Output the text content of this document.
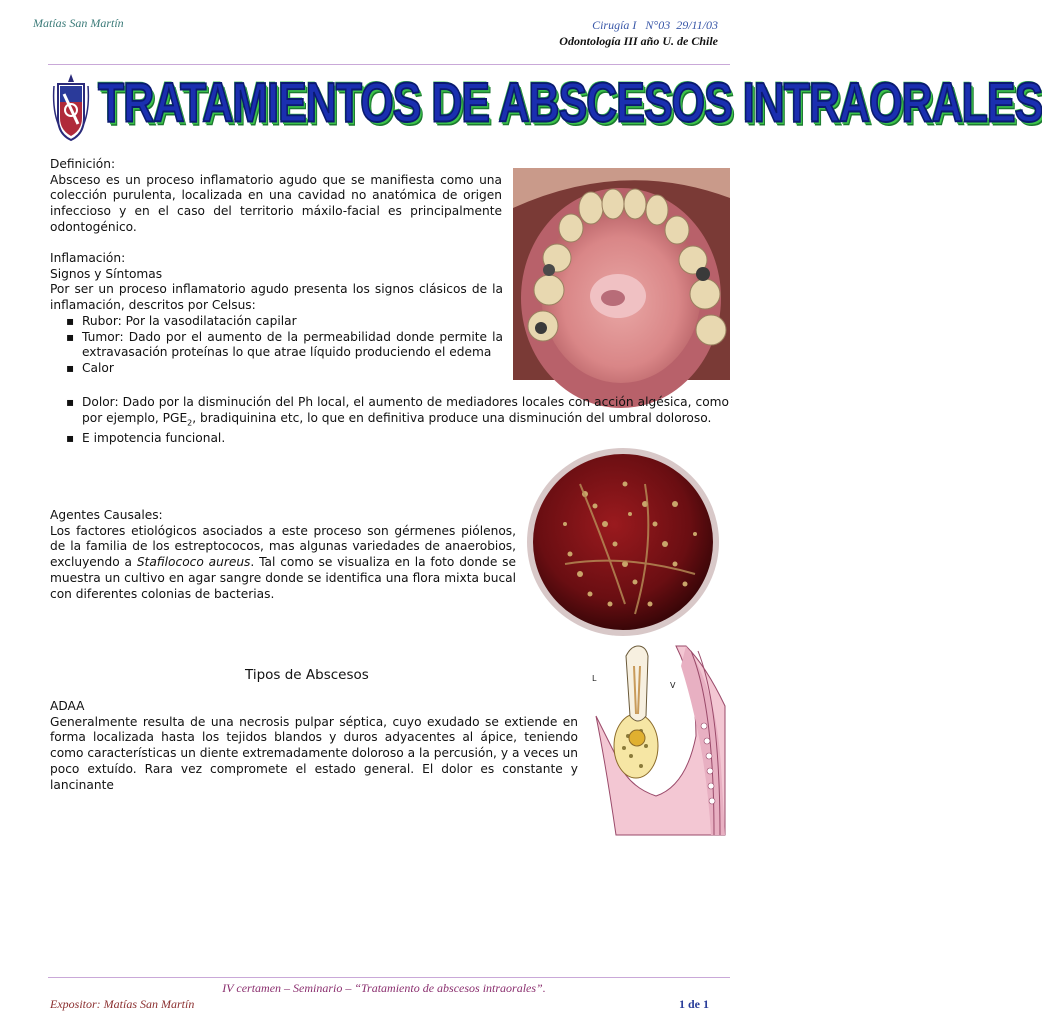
Matías San Martín	Cirugía I   N°03  29/11/03
Odontología III año U. de Chile
TRATAMIENTOS DE ABSCESOS INTRAORALES
Definición:
Absceso es un proceso inflamatorio agudo que se manifiesta como una colección purulenta, localizada en una cavidad no anatómica de origen infeccioso y en el caso del territorio máxilo-facial es principalmente odontogénico.
Inflamación:
Signos y Síntomas
Por ser un proceso inflamatorio agudo presenta los signos clásicos de la inflamación, descritos por Celsus:
▪ Rubor: Por la vasodilatación capilar
▪ Tumor: Dado por el aumento de la permeabilidad donde permite la extravasación proteínas lo que atrae líquido produciendo el edema
▪ Calor
▪ Dolor: Dado por la disminución del Ph local, el aumento de mediadores locales con acción algésica, como por ejemplo, $PGE_2$, bradiquinina etc, lo que en definitiva produce una disminución del umbral doloroso.
▪ E impotencia funcional.
Agentes Causales:
Los factores etiológicos asociados a este proceso son gérmenes piólenos, de la familia de los estreptococos, mas algunas variedades de anaerobios, excluyendo a Stafilococo aureus. Tal como se visualiza en la foto donde se muestra un cultivo en agar sangre donde se identifica una flora mixta bucal con diferentes colonias de bacterias.
Tipos de Abscesos	L
V
ADAA
Generalmente resulta de una necrosis pulpar séptica, cuyo exudado se extiende en forma localizada hasta los tejidos blandos y duros adyacentes al ápice, teniendo como características un diente extremadamente doloroso a la percusión, y a veces un poco extuído. Rara vez compromete el estado general. El dolor es constante y lancinante
IV certamen – Seminario – “Tratamiento de abscesos intraorales”.
Expositor: Matías San Martín	1 de 1
